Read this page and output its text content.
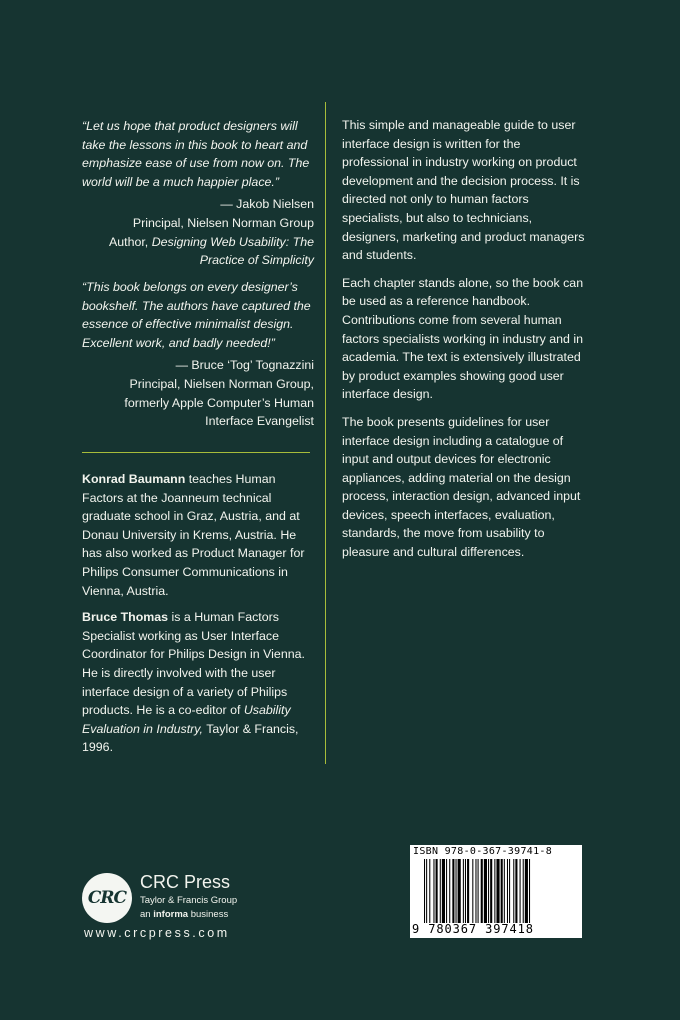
“Let us hope that product designers will take the lessons in this book to heart and emphasize ease of use from now on. The world will be a much happier place.”

— Jakob Nielsen
Principal, Nielsen Norman Group
Author, Designing Web Usability: The Practice of Simplicity

“This book belongs on every designer’s bookshelf. The authors have captured the essence of effective minimalist design. Excellent work, and badly needed!”

— Bruce ‘Tog’ Tognazzini
Principal, Nielsen Norman Group,
formerly Apple Computer’s Human
Interface Evangelist

Konrad Baumann teaches Human Factors at the Joanneum technical graduate school in Graz, Austria, and at Donau University in Krems, Austria. He has also worked as Product Manager for Philips Consumer Communications in Vienna, Austria.

Bruce Thomas is a Human Factors Specialist working as User Interface Coordinator for Philips Design in Vienna. He is directly involved with the user interface design of a variety of Philips products. He is a co-editor of Usability Evaluation in Industry, Taylor & Francis, 1996.

This simple and manageable guide to user interface design is written for the professional in industry working on product development and the decision process. It is directed not only to human factors specialists, but also to technicians, designers, marketing and product managers and students.

Each chapter stands alone, so the book can be used as a reference handbook. Contributions come from several human factors specialists working in industry and in academia. The text is extensively illustrated by product examples showing good user interface design.

The book presents guidelines for user interface design including a catalogue of input and output devices for electronic appliances, adding material on the design process, interaction design, advanced input devices, speech interfaces, evaluation, standards, the move from usability to pleasure and cultural differences.

CRC
CRC Press
Taylor & Francis Group
an informa business
www.crcpress.com
ISBN 978-0-367-39741-8
9 780367 397418
